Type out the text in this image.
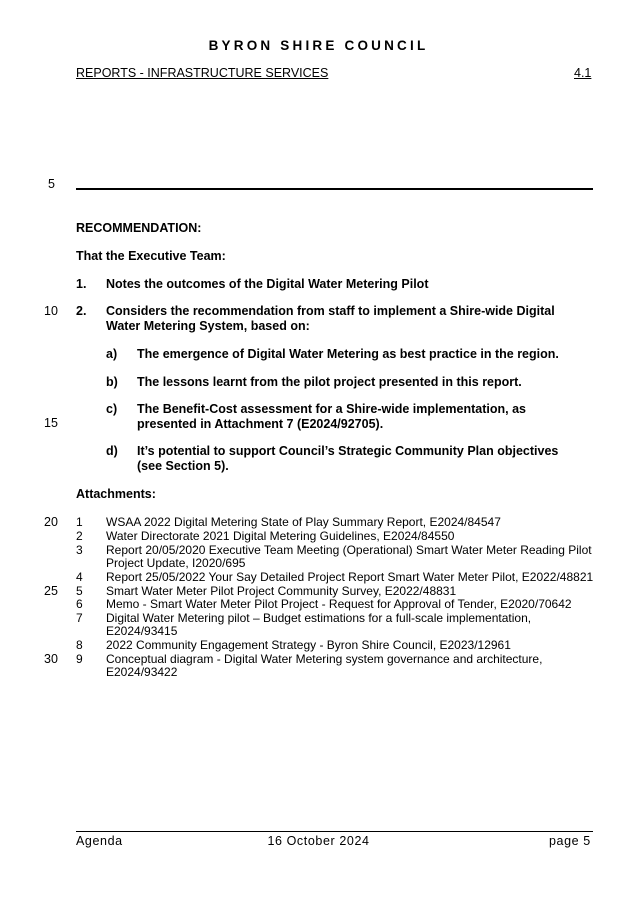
BYRON SHIRE COUNCIL
REPORTS - INFRASTRUCTURE SERVICES	4.1
5
10
15
20
25
30
RECOMMENDATION:
That the Executive Team:
1. Notes the outcomes of the Digital Water Metering Pilot
2. Considers the recommendation from staff to implement a Shire-wide Digital
Water Metering System, based on:
a) The emergence of Digital Water Metering as best practice in the region.
b) The lessons learnt from the pilot project presented in this report.
c) The Benefit-Cost assessment for a Shire-wide implementation, as
presented in Attachment 7 (E2024/92705).
d) It’s potential to support Council’s Strategic Community Plan objectives
(see Section 5).
Attachments:
1 WSAA 2022 Digital Metering State of Play Summary Report, E2024/84547
2 Water Directorate 2021 Digital Metering Guidelines, E2024/84550
3 Report 20/05/2020 Executive Team Meeting (Operational) Smart Water Meter Reading Pilot
Project Update, I2020/695
4 Report 25/05/2022 Your Say Detailed Project Report Smart Water Meter Pilot, E2022/48821
5 Smart Water Meter Pilot Project Community Survey, E2022/48831
6 Memo - Smart Water Meter Pilot Project - Request for Approval of Tender, E2020/70642
7 Digital Water Metering pilot – Budget estimations for a full-scale implementation,
E2024/93415
8 2022 Community Engagement Strategy - Byron Shire Council, E2023/12961
9 Conceptual diagram - Digital Water Metering system governance and architecture,
E2024/93422
Agenda	16 October 2024	page 5
